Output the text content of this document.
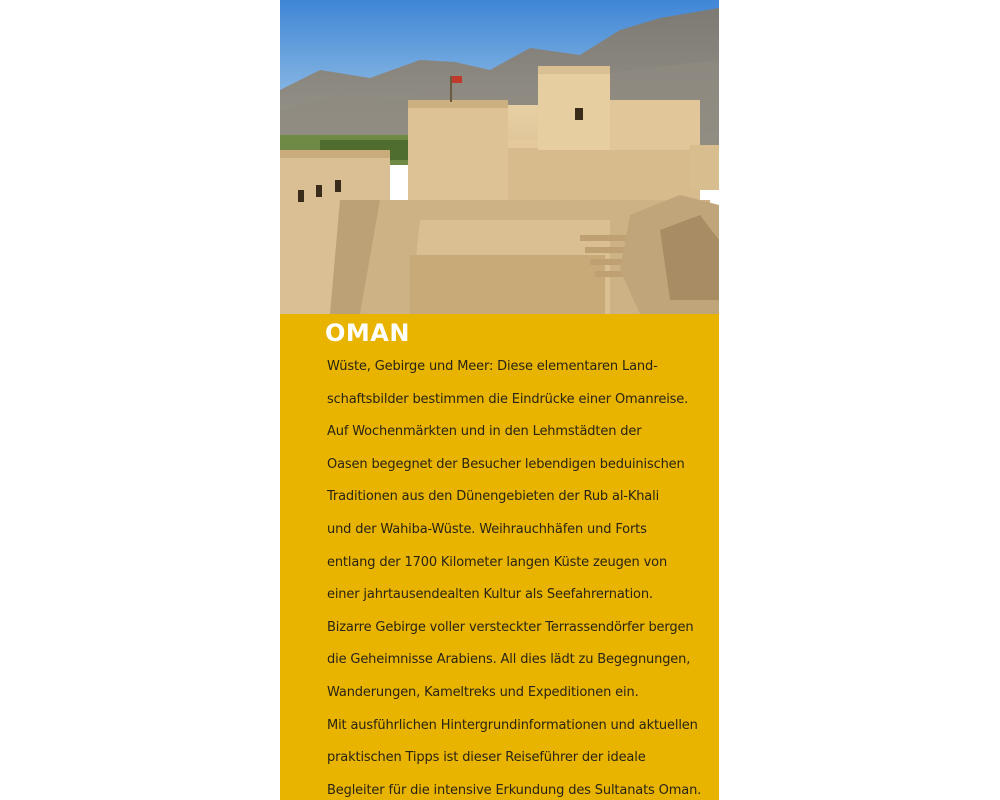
OMAN
Wüste, Gebirge und Meer: Diese elementaren Land-
schaftsbilder bestimmen die Eindrücke einer Omanreise.
Auf Wochenmärkten und in den Lehmstädten der
Oasen begegnet der Besucher lebendigen beduinischen
Traditionen aus den Dünengebieten der Rub al-Khali
und der Wahiba-Wüste. Weihrauchhäfen und Forts
entlang der 1700 Kilometer langen Küste zeugen von
einer jahrtausendealten Kultur als Seefahrernation.
Bizarre Gebirge voller versteckter Terrassendörfer bergen
die Geheimnisse Arabiens. All dies lädt zu Begegnungen,
Wanderungen, Kameltreks und Expeditionen ein.
Mit ausführlichen Hintergrundinformationen und aktuellen
praktischen Tipps ist dieser Reiseführer der ideale
Begleiter für die intensive Erkundung des Sultanats Oman.
